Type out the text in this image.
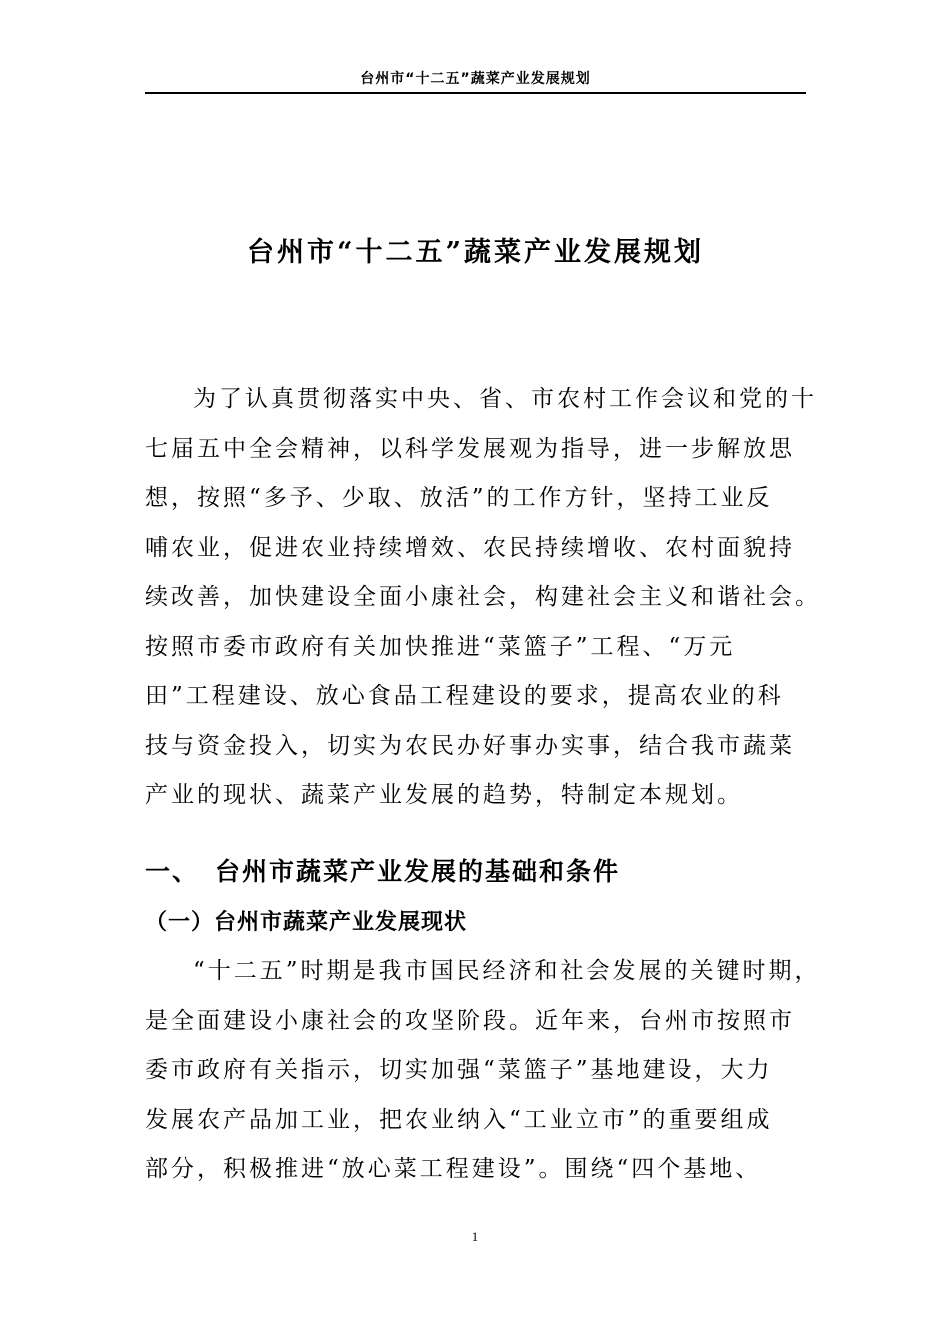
台州市“十二五”蔬菜产业发展规划
台州市“十二五”蔬菜产业发展规划
为了认真贯彻落实中央、省、市农村工作会议和党的十
七届五中全会精神，以科学发展观为指导，进一步解放思
想，按照“多予、少取、放活”的工作方针，坚持工业反
哺农业，促进农业持续增效、农民持续增收、农村面貌持
续改善，加快建设全面小康社会，构建社会主义和谐社会。
按照市委市政府有关加快推进“菜篮子”工程、“万元
田”工程建设、放心食品工程建设的要求，提高农业的科
技与资金投入，切实为农民办好事办实事，结合我市蔬菜
产业的现状、蔬菜产业发展的趋势，特制定本规划。
一、 台州市蔬菜产业发展的基础和条件
（一）台州市蔬菜产业发展现状
“十二五”时期是我市国民经济和社会发展的关键时期，
是全面建设小康社会的攻坚阶段。近年来，台州市按照市
委市政府有关指示，切实加强“菜篮子”基地建设，大力
发展农产品加工业，把农业纳入“工业立市”的重要组成
部分，积极推进“放心菜工程建设”。围绕“四个基地、
1
